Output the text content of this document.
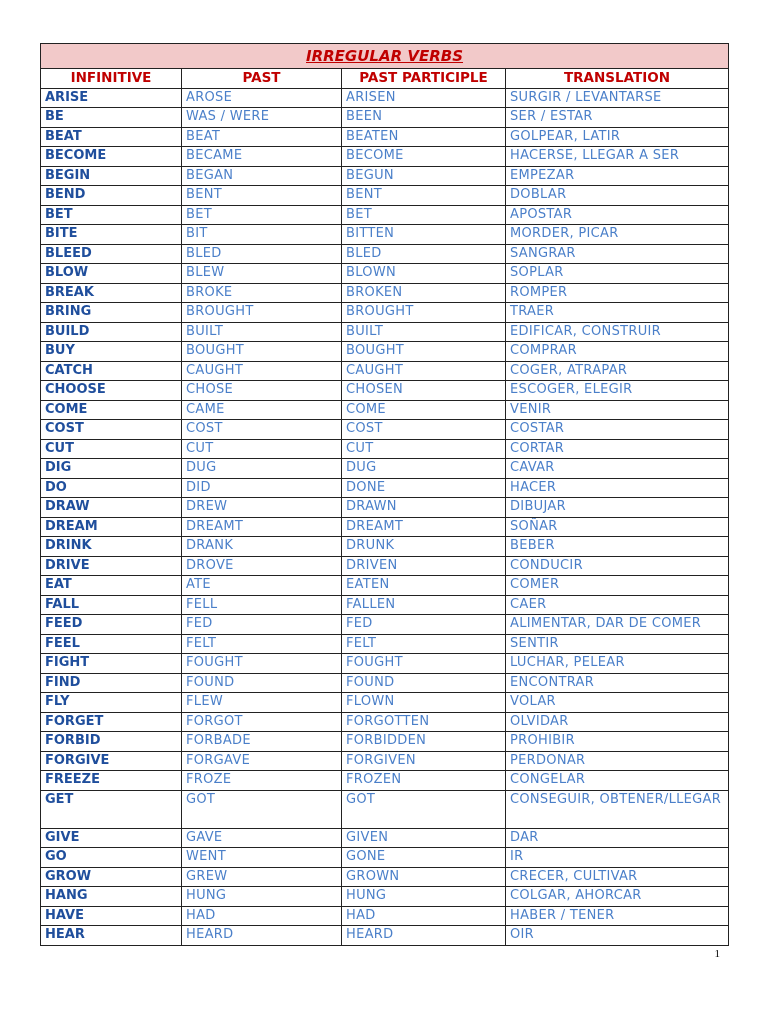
IRREGULAR VERBS			
INFINITIVE	PAST	PAST PARTICIPLE	TRANSLATION
ARISE	AROSE	ARISEN	SURGIR / LEVANTARSE
BE	WAS / WERE	BEEN	SER / ESTAR
BEAT	BEAT	BEATEN	GOLPEAR, LATIR
BECOME	BECAME	BECOME	HACERSE, LLEGAR A SER
BEGIN	BEGAN	BEGUN	EMPEZAR
BEND	BENT	BENT	DOBLAR
BET	BET	BET	APOSTAR
BITE	BIT	BITTEN	MORDER, PICAR
BLEED	BLED	BLED	SANGRAR
BLOW	BLEW	BLOWN	SOPLAR
BREAK	BROKE	BROKEN	ROMPER
BRING	BROUGHT	BROUGHT	TRAER
BUILD	BUILT	BUILT	EDIFICAR, CONSTRUIR
BUY	BOUGHT	BOUGHT	COMPRAR
CATCH	CAUGHT	CAUGHT	COGER, ATRAPAR
CHOOSE	CHOSE	CHOSEN	ESCOGER, ELEGIR
COME	CAME	COME	VENIR
COST	COST	COST	COSTAR
CUT	CUT	CUT	CORTAR
DIG	DUG	DUG	CAVAR
DO	DID	DONE	HACER
DRAW	DREW	DRAWN	DIBUJAR
DREAM	DREAMT	DREAMT	SOÑAR
DRINK	DRANK	DRUNK	BEBER
DRIVE	DROVE	DRIVEN	CONDUCIR
EAT	ATE	EATEN	COMER
FALL	FELL	FALLEN	CAER
FEED	FED	FED	ALIMENTAR, DAR DE COMER
FEEL	FELT	FELT	SENTIR
FIGHT	FOUGHT	FOUGHT	LUCHAR, PELEAR
FIND	FOUND	FOUND	ENCONTRAR
FLY	FLEW	FLOWN	VOLAR
FORGET	FORGOT	FORGOTTEN	OLVIDAR
FORBID	FORBADE	FORBIDDEN	PROHIBIR
FORGIVE	FORGAVE	FORGIVEN	PERDONAR
FREEZE	FROZE	FROZEN	CONGELAR
GET	GOT	GOT	CONSEGUIR, OBTENER/LLEGAR
GIVE	GAVE	GIVEN	DAR
GO	WENT	GONE	IR
GROW	GREW	GROWN	CRECER, CULTIVAR
HANG	HUNG	HUNG	COLGAR, AHORCAR
HAVE	HAD	HAD	HABER / TENER
HEAR	HEARD	HEARD	OIR
1
